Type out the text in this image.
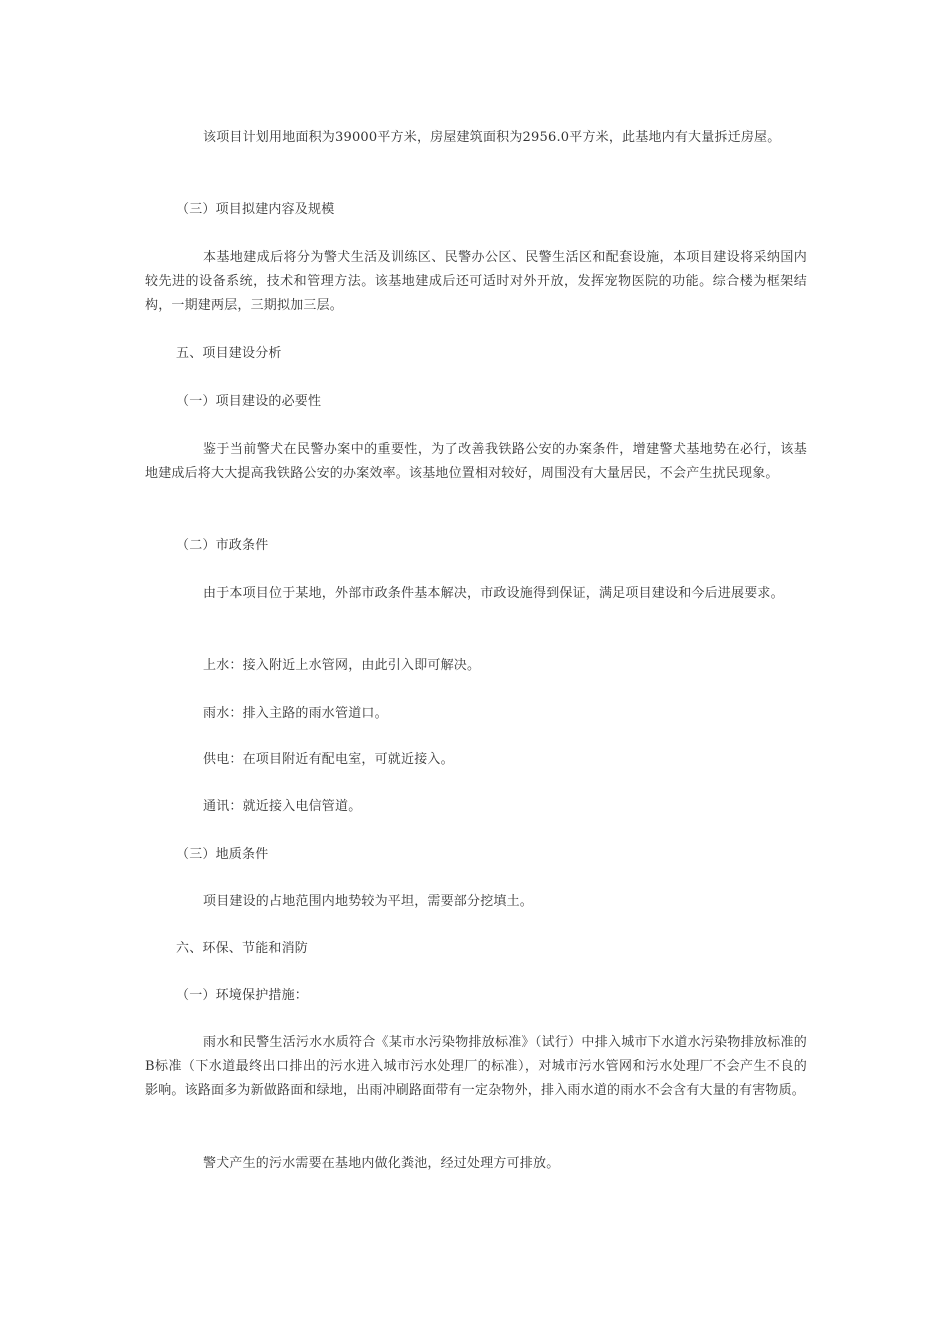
该项目计划用地面积为39000平方米，房屋建筑面积为2956.0平方米，此基地内有大量拆迁房屋。

（三）项目拟建内容及规模

本基地建成后将分为警犬生活及训练区、民警办公区、民警生活区和配套设施，本项目建设将采纳国内较先进的设备系统，技术和管理方法。该基地建成后还可适时对外开放，发挥宠物医院的功能。综合楼为框架结构，一期建两层，三期拟加三层。

五、项目建设分析

（一）项目建设的必要性

鉴于当前警犬在民警办案中的重要性，为了改善我铁路公安的办案条件，增建警犬基地势在必行，该基地建成后将大大提高我铁路公安的办案效率。该基地位置相对较好，周围没有大量居民，不会产生扰民现象。

（二）市政条件

由于本项目位于某地，外部市政条件基本解决，市政设施得到保证，满足项目建设和今后进展要求。

上水：接入附近上水管网，由此引入即可解决。

雨水：排入主路的雨水管道口。

供电：在项目附近有配电室，可就近接入。

通讯：就近接入电信管道。

（三）地质条件

项目建设的占地范围内地势较为平坦，需要部分挖填土。

六、环保、节能和消防

（一）环境保护措施：

雨水和民警生活污水水质符合《某市水污染物排放标准》（试行）中排入城市下水道水污染物排放标准的B标准（下水道最终出口排出的污水进入城市污水处理厂的标准），对城市污水管网和污水处理厂不会产生不良的影响。该路面多为新做路面和绿地，出雨冲刷路面带有一定杂物外，排入雨水道的雨水不会含有大量的有害物质。

警犬产生的污水需要在基地内做化粪池，经过处理方可排放。
